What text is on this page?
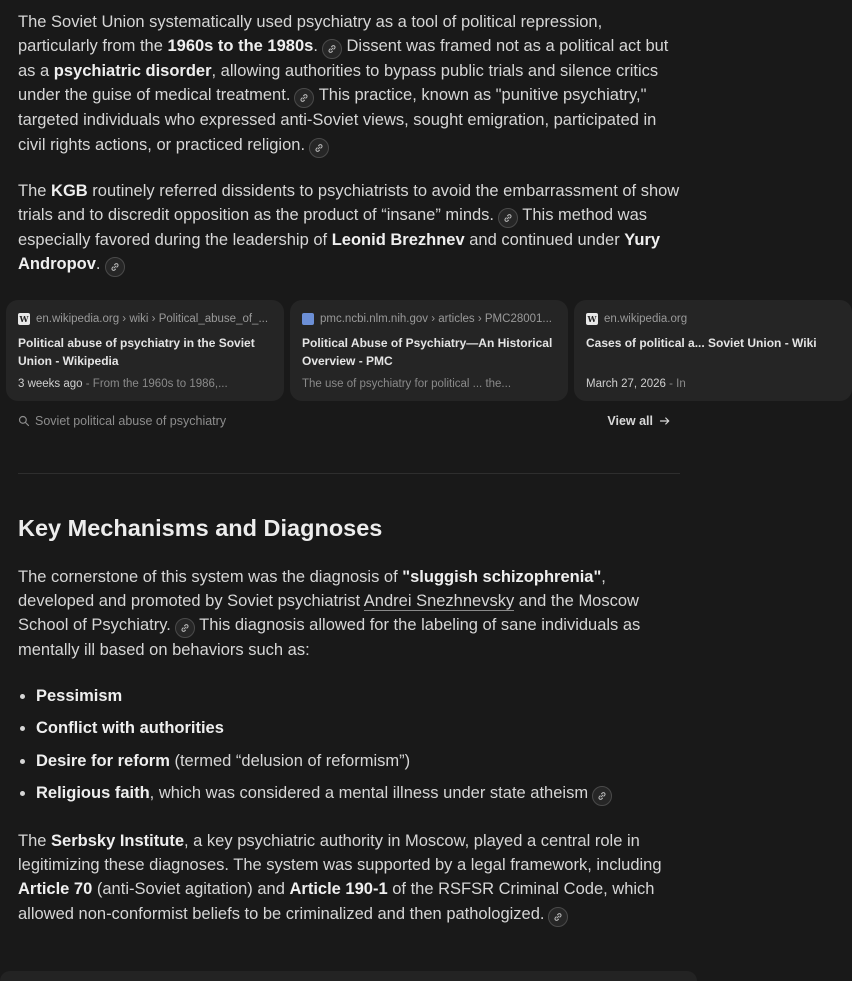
The Soviet Union systematically used psychiatry as a tool of political repression, particularly from the 1960s to the 1980s.
Dissent was framed not as a political act but as a psychiatric disorder, allowing authorities to bypass public trials and silence critics under the guise of medical treatment.
This practice, known as "punitive psychiatry," targeted individuals who expressed anti-Soviet views, sought emigration, participated in civil rights actions, or practiced religion.

The KGB routinely referred dissidents to psychiatrists to avoid the embarrassment of show trials and to discredit opposition as the product of “insane” minds.
This method was especially favored during the leadership of Leonid Brezhnev and continued under Yury Andropov.

W en.wikipedia.org › wiki › Political_abuse_of_...
Political abuse of psychiatry in the Soviet Union - Wikipedia
3 weeks ago - From the 1960s to 1986,...
pmc.ncbi.nlm.nih.gov › articles › PMC28001...
Political Abuse of Psychiatry—An Historical Overview - PMC
The use of psychiatry for political ... the...
W en.wikipedia.org
Cases of political a... Soviet Union - Wiki
March 27, 2026 - In
Soviet political abuse of psychiatry	View all
Key Mechanisms and Diagnoses

The cornerstone of this system was the diagnosis of "sluggish schizophrenia", developed and promoted by Soviet psychiatrist Andrei Snezhnevsky and the Moscow School of Psychiatry.
This diagnosis allowed for the labeling of sane individuals as mentally ill based on behaviors such as:

Pessimism
Conflict with authorities
Desire for reform (termed “delusion of reformism”)
Religious faith, which was considered a mental illness under state atheism

The Serbsky Institute, a key psychiatric authority in Moscow, played a central role in legitimizing these diagnoses. The system was supported by a legal framework, including Article 70 (anti-Soviet agitation) and Article 190-1 of the RSFSR Criminal Code, which allowed non-conformist beliefs to be criminalized and then pathologized.
